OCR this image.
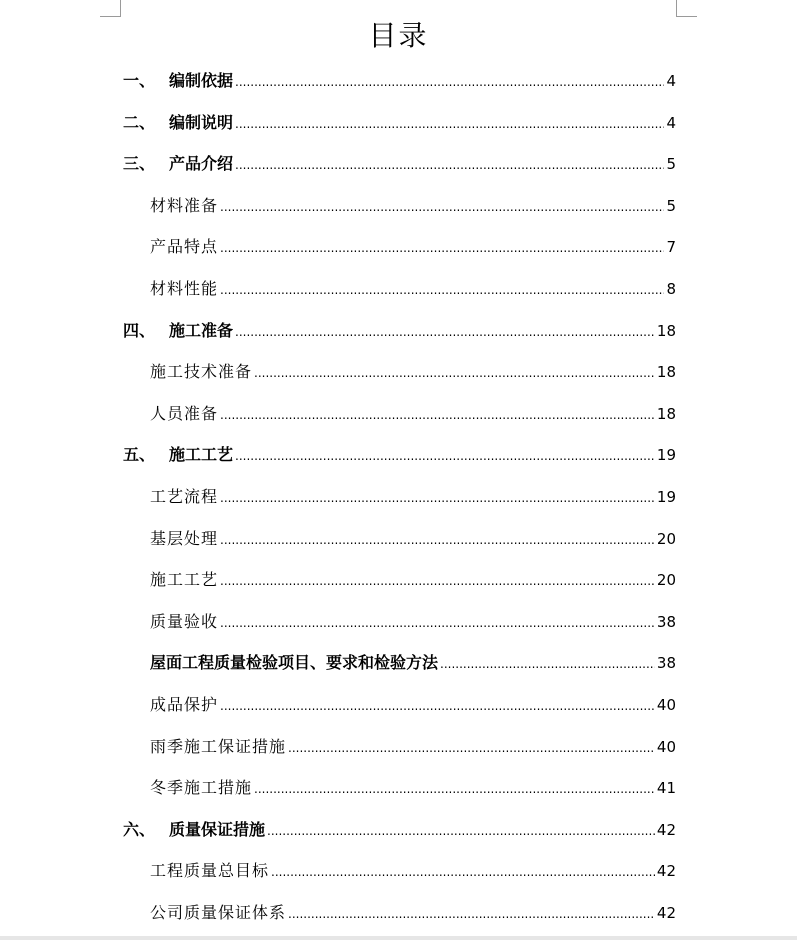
目录
一、 编制依据 .....	4
二、 编制说明 .....	4
三、 产品介绍 .....	5
材料准备 .....	5
产品特点 .....	7
材料性能 .....	8
四、 施工准备 .....	18
施工技术准备 .....	18
人员准备 .....	18
五、 施工工艺 .....	19
工艺流程 .....	19
基层处理 .....	20
施工工艺 .....	20
质量验收 .....	38
屋面工程质量检验项目、要求和检验方法 .....	38
成品保护 .....	40
雨季施工保证措施 .....	40
冬季施工措施 .....	41
六、 质量保证措施 .....	42
工程质量总目标 .....	42
公司质量保证体系 .....	42
